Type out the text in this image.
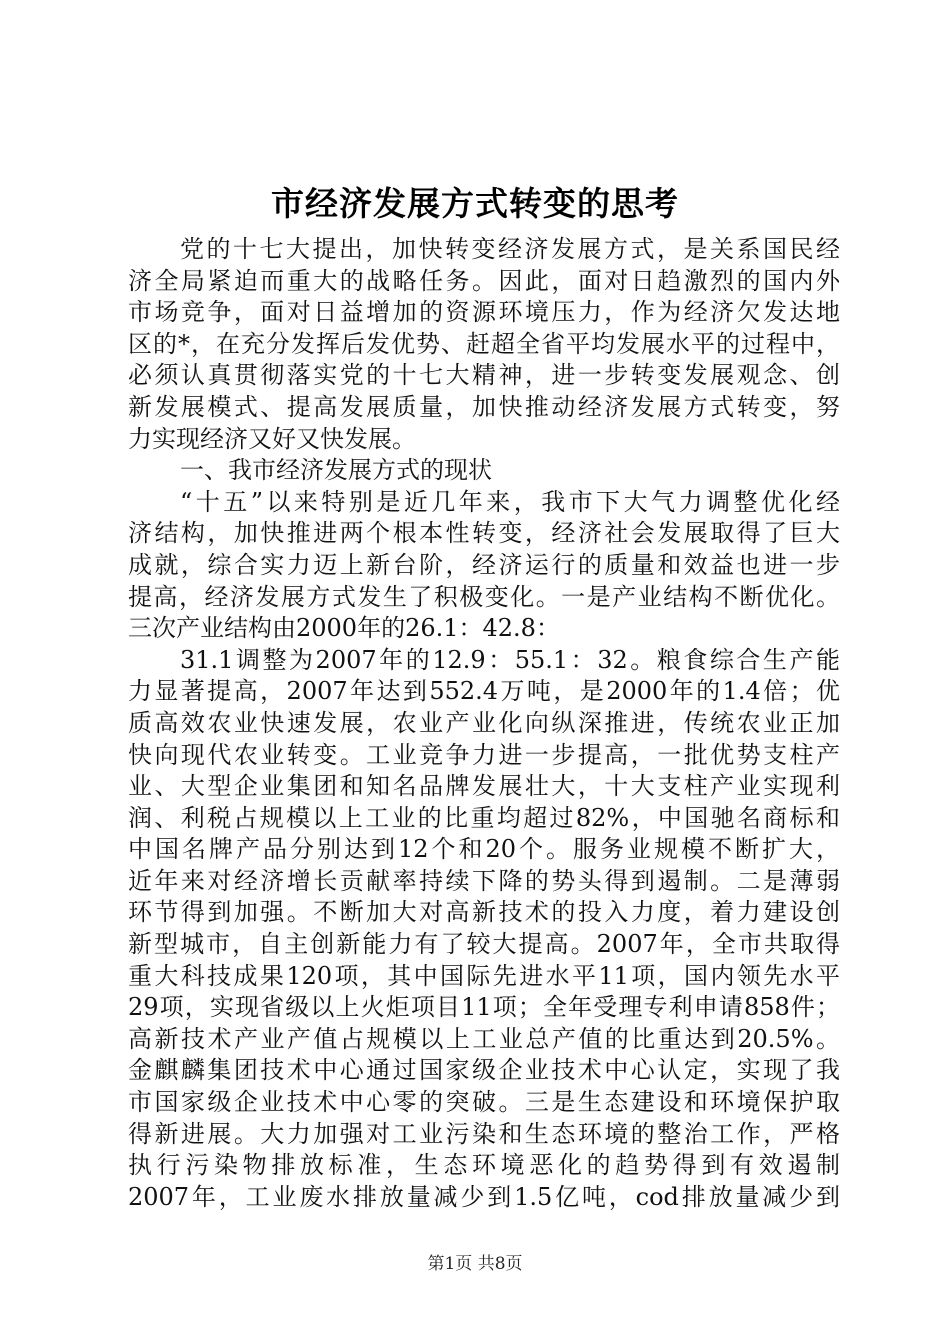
市经济发展方式转变的思考
党的十七大提出，加快转变经济发展方式，是关系国民经
济全局紧迫而重大的战略任务。因此，面对日趋激烈的国内外
市场竞争，面对日益增加的资源环境压力，作为经济欠发达地
区的*，在充分发挥后发优势、赶超全省平均发展水平的过程中，
必须认真贯彻落实党的十七大精神，进一步转变发展观念、创
新发展模式、提高发展质量，加快推动经济发展方式转变，努
力实现经济又好又快发展。
一、我市经济发展方式的现状
“十五”以来特别是近几年来，我市下大气力调整优化经
济结构，加快推进两个根本性转变，经济社会发展取得了巨大
成就，综合实力迈上新台阶，经济运行的质量和效益也进一步
提高，经济发展方式发生了积极变化。一是产业结构不断优化。
三次产业结构由2000年的26.1：42.8：
31.1调整为2007年的12.9：55.1：32。粮食综合生产能
力显著提高，2007年达到552.4万吨，是2000年的1.4倍；优
质高效农业快速发展，农业产业化向纵深推进，传统农业正加
快向现代农业转变。工业竞争力进一步提高，一批优势支柱产
业、大型企业集团和知名品牌发展壮大，十大支柱产业实现利
润、利税占规模以上工业的比重均超过82%，中国驰名商标和
中国名牌产品分别达到12个和20个。服务业规模不断扩大，
近年来对经济增长贡献率持续下降的势头得到遏制。二是薄弱
环节得到加强。不断加大对高新技术的投入力度，着力建设创
新型城市，自主创新能力有了较大提高。2007年，全市共取得
重大科技成果120项，其中国际先进水平11项，国内领先水平
29项，实现省级以上火炬项目11项；全年受理专利申请858件；
高新技术产业产值占规模以上工业总产值的比重达到20.5%。
金麒麟集团技术中心通过国家级企业技术中心认定，实现了我
市国家级企业技术中心零的突破。三是生态建设和环境保护取
得新进展。大力加强对工业污染和生态环境的整治工作，严格
执行污染物排放标准，生态环境恶化的趋势得到有效遏制
2007年，工业废水排放量减少到1.5亿吨，cod排放量减少到
第1页 共8页
